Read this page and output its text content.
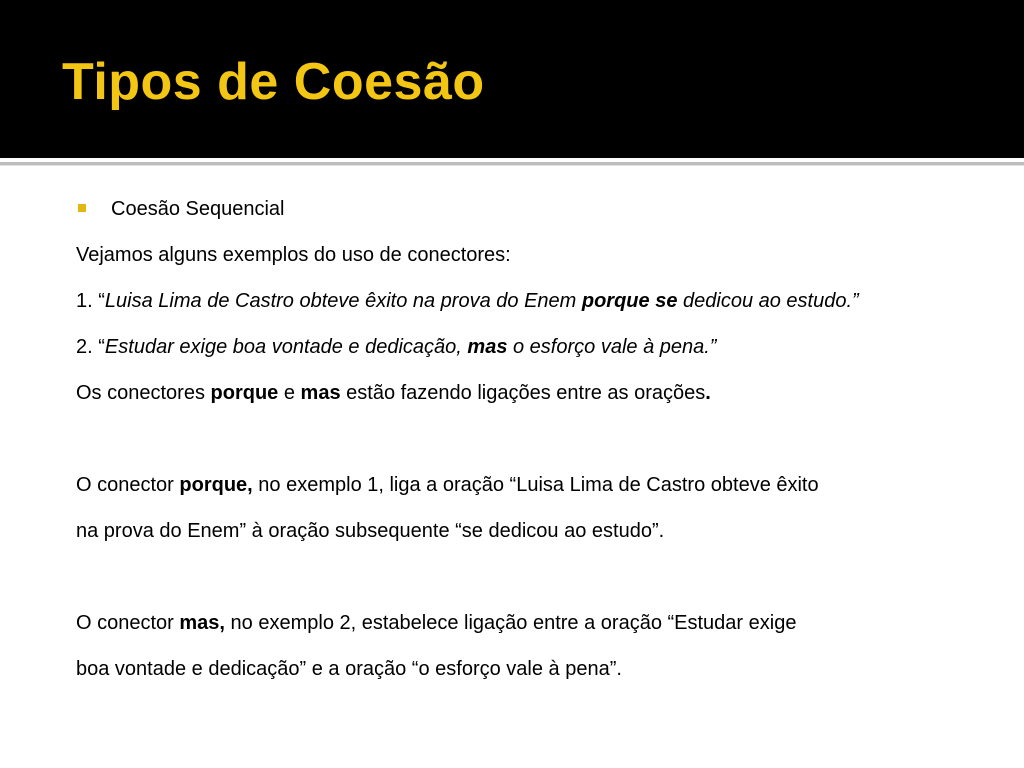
Tipos de Coesão
Coesão Sequencial
Vejamos alguns exemplos do uso de conectores:
1. “Luisa Lima de Castro obteve êxito na prova do Enem porque se dedicou ao estudo.”
2. “Estudar exige boa vontade e dedicação, mas o esforço vale à pena.”
Os conectores porque e mas estão fazendo ligações entre as orações.
O conector porque, no exemplo 1, liga a oração “Luisa Lima de Castro obteve êxito
na prova do Enem” à oração subsequente “se dedicou ao estudo”.
O conector mas, no exemplo 2, estabelece ligação entre a oração “Estudar exige
boa vontade e dedicação” e a oração “o esforço vale à pena”.
